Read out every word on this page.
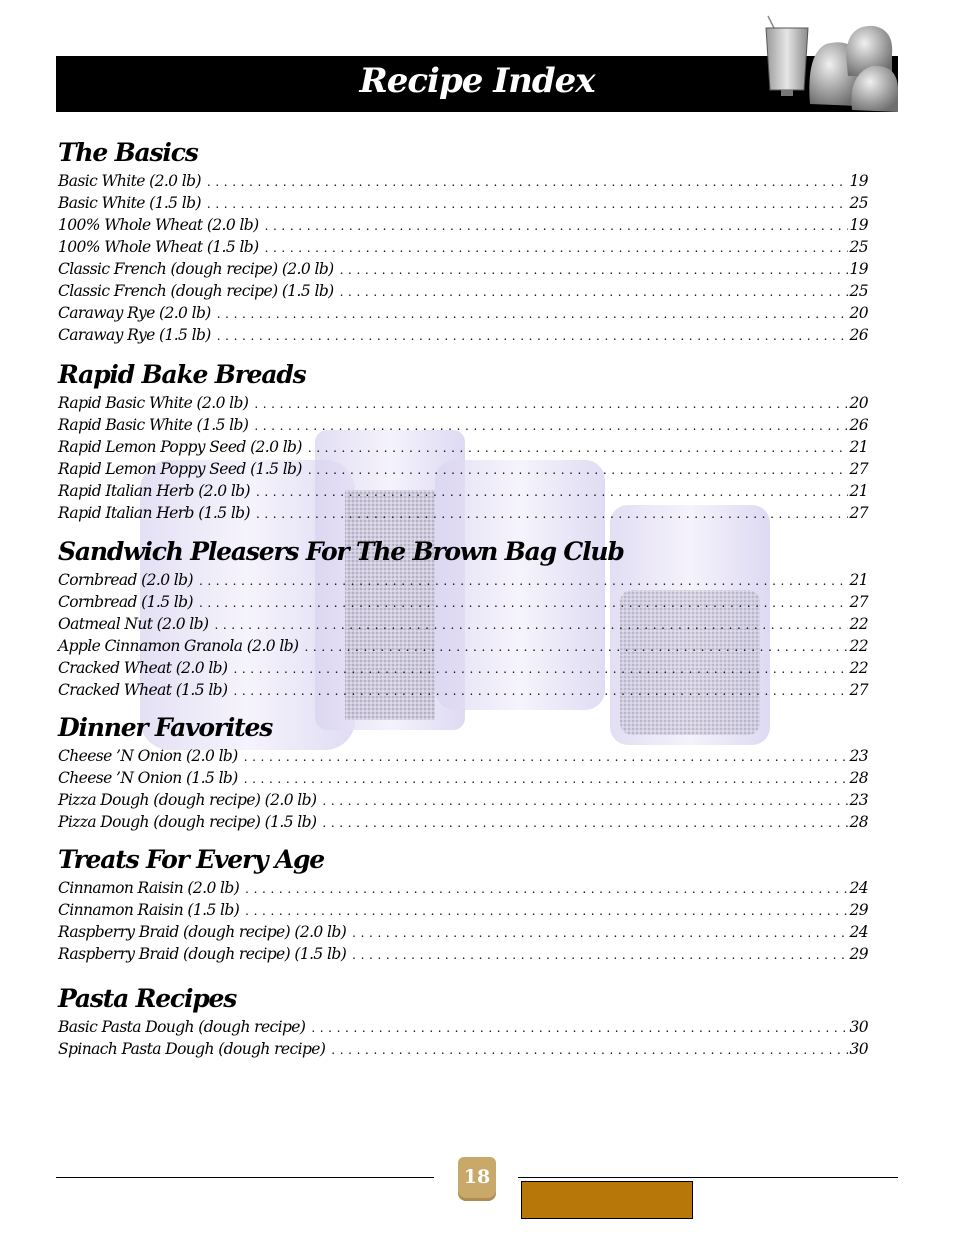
Recipe Index
The Basics
Basic White (2.0 lb) . . .	19
Basic White (1.5 lb) . . .	25
100% Whole Wheat (2.0 lb) . . .	19
100% Whole Wheat (1.5 lb) . . .	25
Classic French (dough recipe) (2.0 lb) . . .	19
Classic French (dough recipe) (1.5 lb) . . .	25
Caraway Rye (2.0 lb) . . .	20
Caraway Rye (1.5 lb) . . .	26
Rapid Bake Breads
Rapid Basic White (2.0 lb) . . .	20
Rapid Basic White (1.5 lb) . . .	26
Rapid Lemon Poppy Seed (2.0 lb) . . .	21
Rapid Lemon Poppy Seed (1.5 lb) . . .	27
Rapid Italian Herb (2.0 lb) . . .	21
Rapid Italian Herb (1.5 lb) . . .	27
Sandwich Pleasers For The Brown Bag Club
Cornbread (2.0 lb) . . .	21
Cornbread (1.5 lb) . . .	27
Oatmeal Nut (2.0 lb) . . .	22
Apple Cinnamon Granola (2.0 lb) . . .	22
Cracked Wheat (2.0 lb) . . .	22
Cracked Wheat (1.5 lb) . . .	27
Dinner Favorites
Cheese ’N Onion (2.0 lb) . . .	23
Cheese ’N Onion (1.5 lb) . . .	28
Pizza Dough (dough recipe) (2.0 lb) . . .	23
Pizza Dough (dough recipe) (1.5 lb) . . .	28
Treats For Every Age
Cinnamon Raisin (2.0 lb) . . .	24
Cinnamon Raisin (1.5 lb) . . .	29
Raspberry Braid (dough recipe) (2.0 lb) . . .	24
Raspberry Braid (dough recipe) (1.5 lb) . . .	29
Pasta Recipes
Basic Pasta Dough (dough recipe) . . .	30
Spinach Pasta Dough (dough recipe) . . .	30
18
